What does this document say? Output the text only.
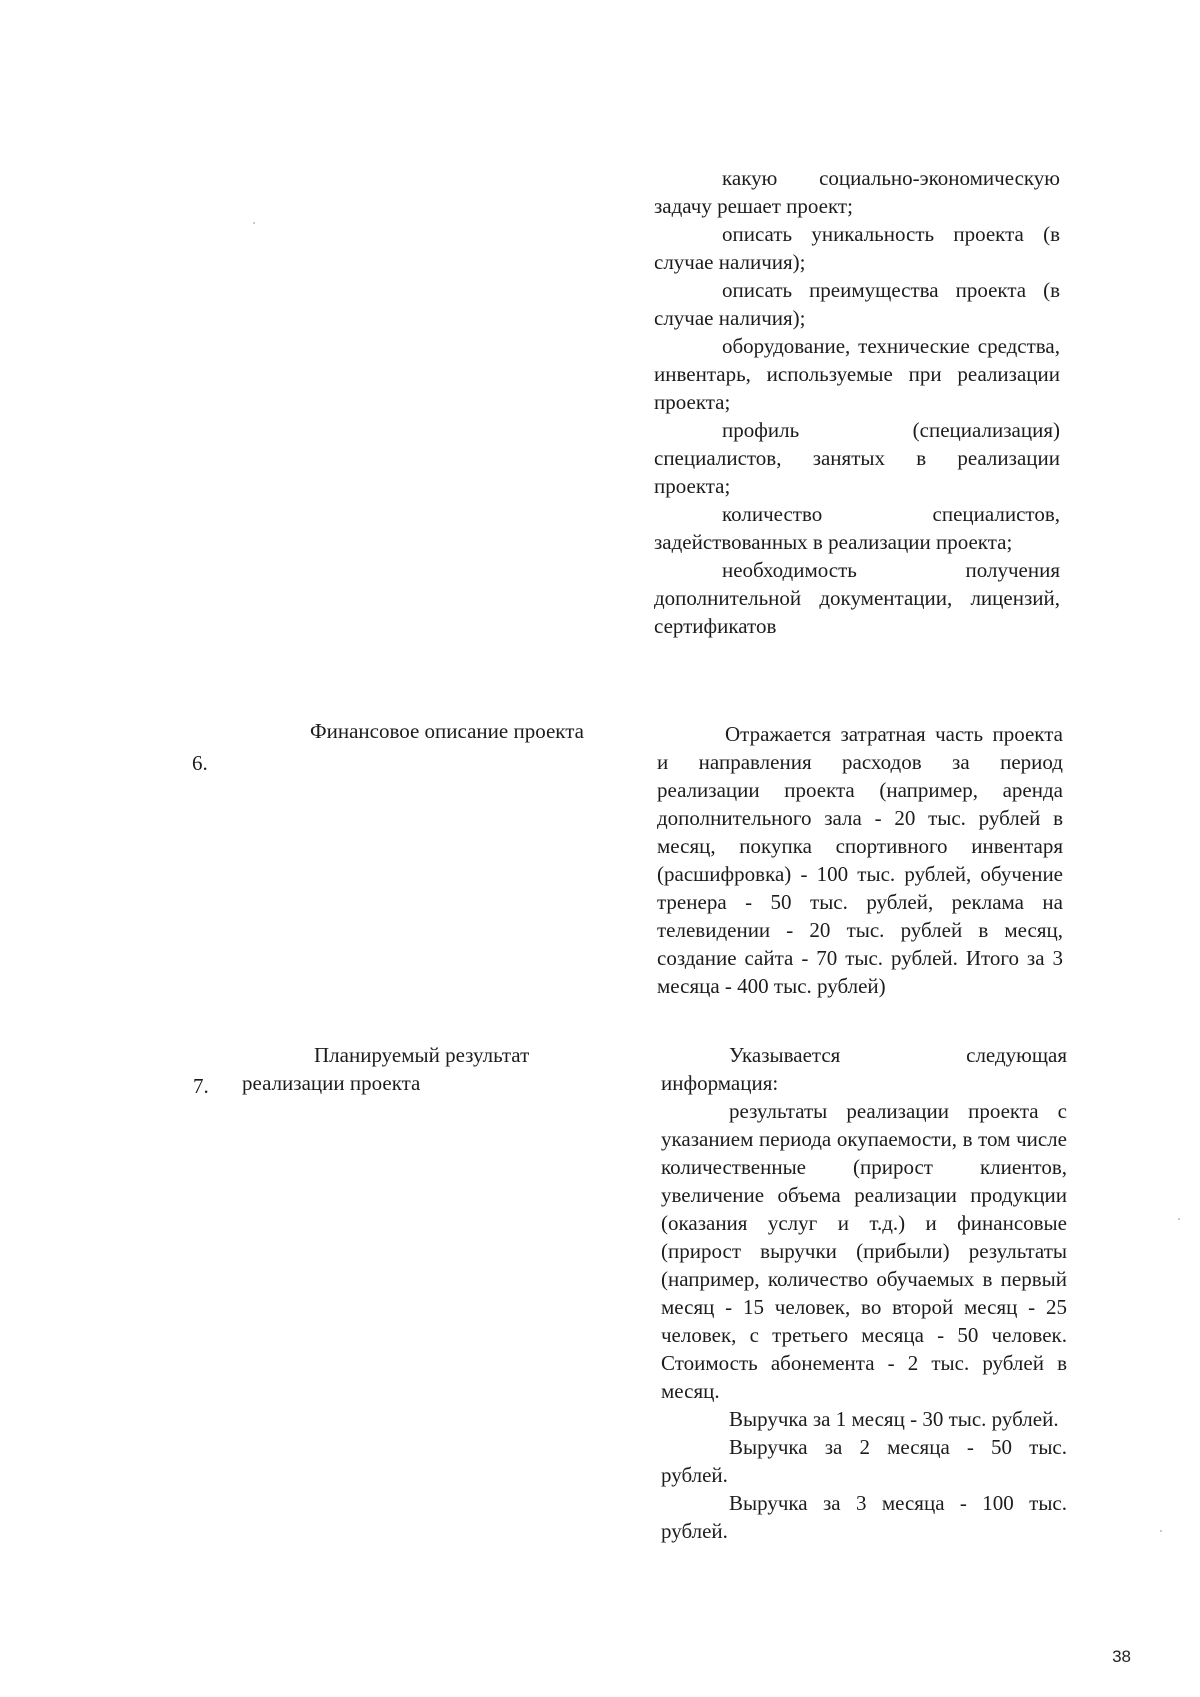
какую социально-экономическую задачу решает проект;

описать уникальность проекта (в случае наличия);

описать преимущества проекта (в случае наличия);

оборудование, технические средства, инвентарь, используемые при реализации проекта;

профиль (специализация) специалистов, занятых в реализации проекта;

количество специалистов, задействованных в реализации проекта;

необходимость получения дополнительной документации, лицензий, сертификатов

6.
Финансовое описание проекта	Отражается затратная часть проекта и направления расходов за период реализации проекта (например, аренда дополнительного зала - 20 тыс. рублей в месяц, покупка спортивного инвентаря (расшифровка) - 100 тыс. рублей, обучение тренера - 50 тыс. рублей, реклама на телевидении - 20 тыс. рублей в месяц, создание сайта - 70 тыс. рублей. Итого за 3 месяца - 400 тыс. рублей)

7.
Планируемый результат
реализации проекта

Указывается следующая информация:

результаты реализации проекта с указанием периода окупаемости, в том числе количественные (прирост клиентов, увеличение объема реализации продукции (оказания услуг и т.д.) и финансовые (прирост выручки (прибыли) результаты (например, количество обучаемых в первый месяц - 15 человек, во второй месяц - 25 человек, с третьего месяца - 50 человек. Стоимость абонемента - 2 тыс. рублей в месяц.

Выручка за 1 месяц - 30 тыс. рублей.

Выручка за 2 месяца - 50 тыс. рублей.

Выручка за 3 месяца - 100 тыс. рублей.

38
